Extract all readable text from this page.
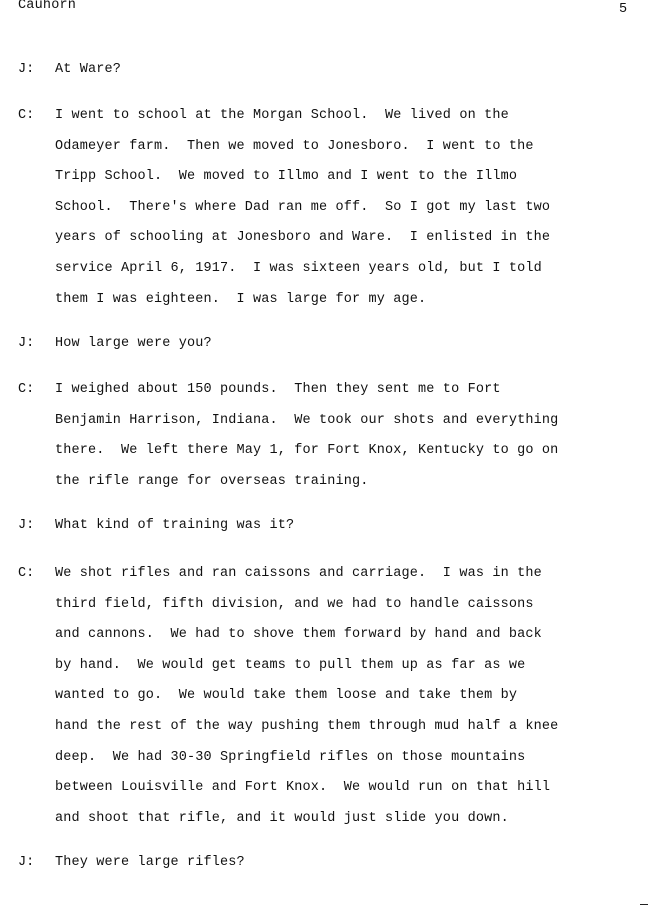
Cauhorn	5
J: At Ware?
C: I went to school at the Morgan School.  We lived on the
Odameyer farm.  Then we moved to Jonesboro.  I went to the
Tripp School.  We moved to Illmo and I went to the Illmo
School.  There's where Dad ran me off.  So I got my last two
years of schooling at Jonesboro and Ware.  I enlisted in the
service April 6, 1917.  I was sixteen years old, but I told
them I was eighteen.  I was large for my age.
J: How large were you?
C: I weighed about 150 pounds.  Then they sent me to Fort
Benjamin Harrison, Indiana.  We took our shots and everything
there.  We left there May 1, for Fort Knox, Kentucky to go on
the rifle range for overseas training.
J: What kind of training was it?
C: We shot rifles and ran caissons and carriage.  I was in the
third field, fifth division, and we had to handle caissons
and cannons.  We had to shove them forward by hand and back
by hand.  We would get teams to pull them up as far as we
wanted to go.  We would take them loose and take them by
hand the rest of the way pushing them through mud half a knee
deep.  We had 30-30 Springfield rifles on those mountains
between Louisville and Fort Knox.  We would run on that hill
and shoot that rifle, and it would just slide you down.
J: They were large rifles?
